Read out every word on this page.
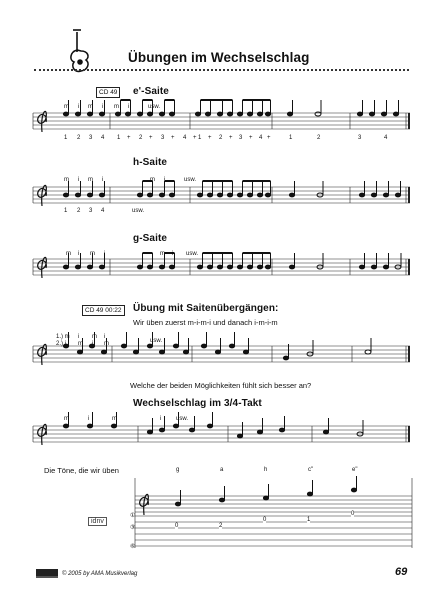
Übungen im Wechselschlag
CD 49	e'-Saite
m i m i m i	usw.
1 2 3 4 1 + 2 + 3 + 4 + 1 + 2 + 3 + 4 +	1	2	3	4
h-Saite
m i m i	m i	usw.
1 2 3 4	usw.
g-Saite
m i m i	m i usw.
CD 49 00:22	Übung mit Saitenübergängen:
Wir üben zuerst m-i-m-i und danach i-m-i-m
1.) m i m i
usw.
2.) i m i m
Welche der beiden Möglichkeiten fühlt sich besser an?
Wechselschlag im 3/4-Takt
m	i	m	i usw.
Die Töne, die wir üben	g	a	h	c"	e"
idnv
①
③
⑥
0	2
0	1
0
© 2005 by AMA Musikverlag	69
